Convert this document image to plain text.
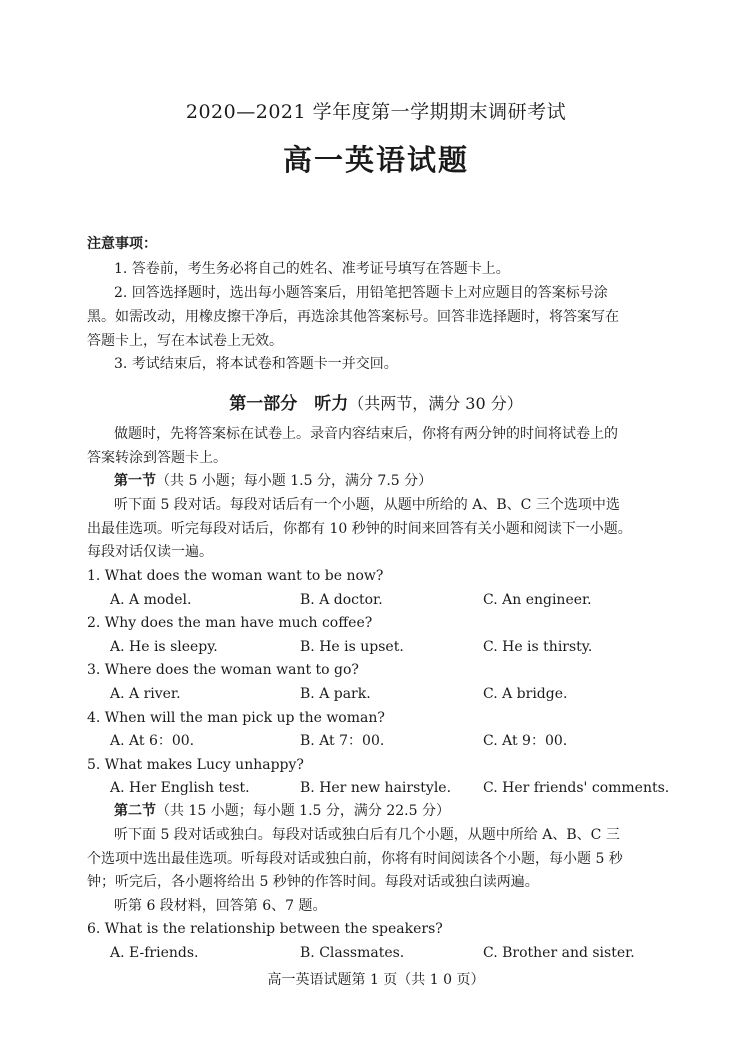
2020—2021 学年度第一学期期末调研考试
高一英语试题
注意事项：
1. 答卷前，考生务必将自己的姓名、准考证号填写在答题卡上。
2. 回答选择题时，选出每小题答案后，用铅笔把答题卡上对应题目的答案标号涂
黑。如需改动，用橡皮擦干净后，再选涂其他答案标号。回答非选择题时，将答案写在
答题卡上，写在本试卷上无效。
3. 考试结束后，将本试卷和答题卡一并交回。
第一部分　听力（共两节，满分 30 分）
做题时，先将答案标在试卷上。录音内容结束后，你将有两分钟的时间将试卷上的
答案转涂到答题卡上。
第一节（共 5 小题；每小题 1.5 分，满分 7.5 分）
听下面 5 段对话。每段对话后有一个小题，从题中所给的 A、B、C 三个选项中选
出最佳选项。听完每段对话后，你都有 10 秒钟的时间来回答有关小题和阅读下一小题。
每段对话仅读一遍。
1. What does the woman want to be now?
A. A model.	B. A doctor.	C. An engineer.
2. Why does the man have much coffee?
A. He is sleepy.	B. He is upset.	C. He is thirsty.
3. Where does the woman want to go?
A. A river.	B. A park.	C. A bridge.
4. When will the man pick up the woman?
A. At 6：00.	B. At 7：00.	C. At 9：00.
5. What makes Lucy unhappy?
A. Her English test.	B. Her new hairstyle. C. Her friends' comments.
第二节（共 15 小题；每小题 1.5 分，满分 22.5 分）
听下面 5 段对话或独白。每段对话或独白后有几个小题，从题中所给 A、B、C 三
个选项中选出最佳选项。听每段对话或独白前，你将有时间阅读各个小题，每小题 5 秒
钟；听完后，各小题将给出 5 秒钟的作答时间。每段对话或独白读两遍。
听第 6 段材料，回答第 6、7 题。
6. What is the relationship between the speakers?
A. E-friends.	B. Classmates.	C. Brother and sister.
高一英语试题第 1 页（共 1 0 页）
